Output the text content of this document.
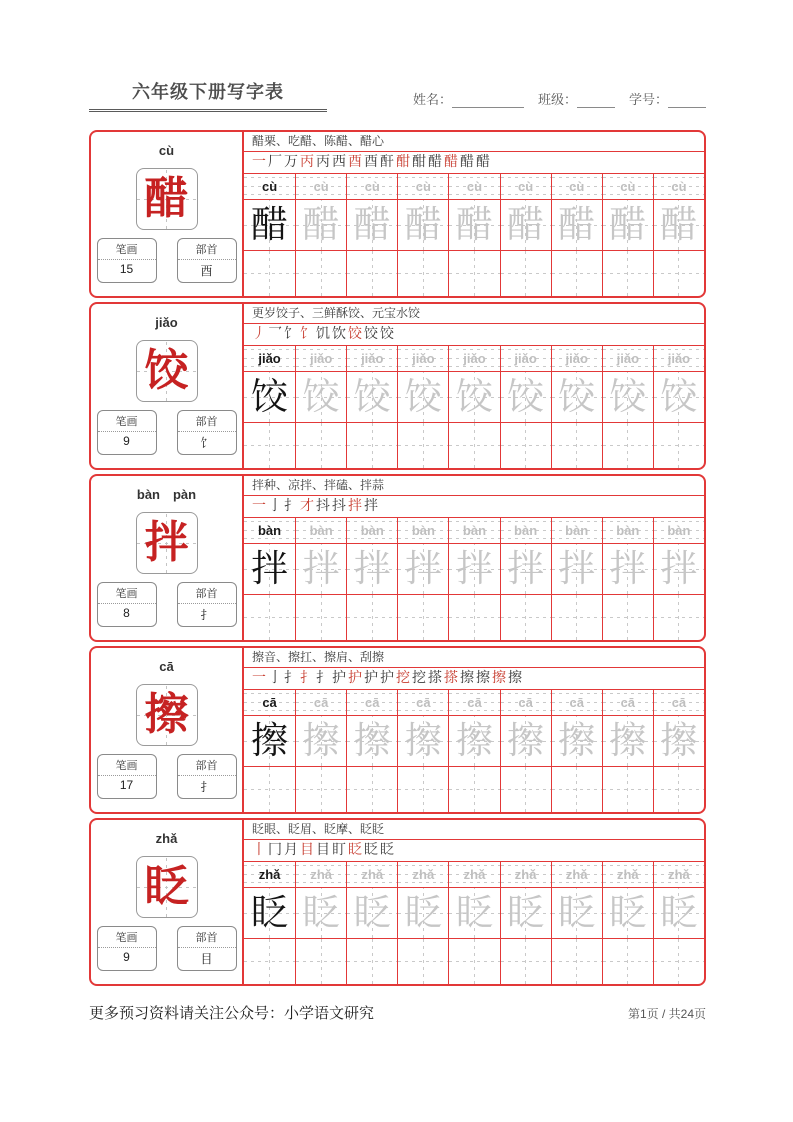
六年级下册写字表	姓名：	班级：	学号：
cù
醋
笔画
15
部首
酉
醋栗、吃醋、陈醋、醋心
一 厂 万 丙 丙 西 酉 酉 酐 酣 酣 醋 醋 醋 醋
cù	cù	cù	cù	cù	cù	cù	cù	cù
醋 醋 醋 醋 醋 醋 醋 醋 醋
jiǎo
饺
笔画
9
部首
饣
更岁饺子、三鲜酥饺、元宝水饺
丿 乛 饣 饣 饥 饮 饺 饺 饺
jiǎo	jiǎo	jiǎo	jiǎo	jiǎo	jiǎo	jiǎo	jiǎo	jiǎo
饺 饺 饺 饺 饺 饺 饺 饺 饺
bàn pàn
拌
笔画
8
部首
扌
拌种、凉拌、拌磕、拌蒜
一 亅 扌 才 抖 抖 拌 拌
bàn	bàn	bàn	bàn	bàn	bàn	bàn	bàn	bàn
拌 拌 拌 拌 拌 拌 拌 拌 拌
cā
擦
笔画
17
部首
扌
擦音、擦扛、擦肩、刮擦
一 亅 扌 扌 扌 护 护 护 护 挖 挖 搽 搽 擦 擦 擦 擦
cā	cā	cā	cā	cā	cā	cā	cā	cā
擦 擦 擦 擦 擦 擦 擦 擦 擦
zhǎ
眨
笔画
9
部首
目
眨眼、眨眉、眨摩、眨眨
丨 冂 月 目 目 盯 眨 眨 眨
zhǎ	zhǎ	zhǎ	zhǎ	zhǎ	zhǎ	zhǎ	zhǎ	zhǎ
眨 眨 眨 眨 眨 眨 眨 眨 眨
更多预习资料请关注公众号：小学语文研究	第1页 / 共24页
